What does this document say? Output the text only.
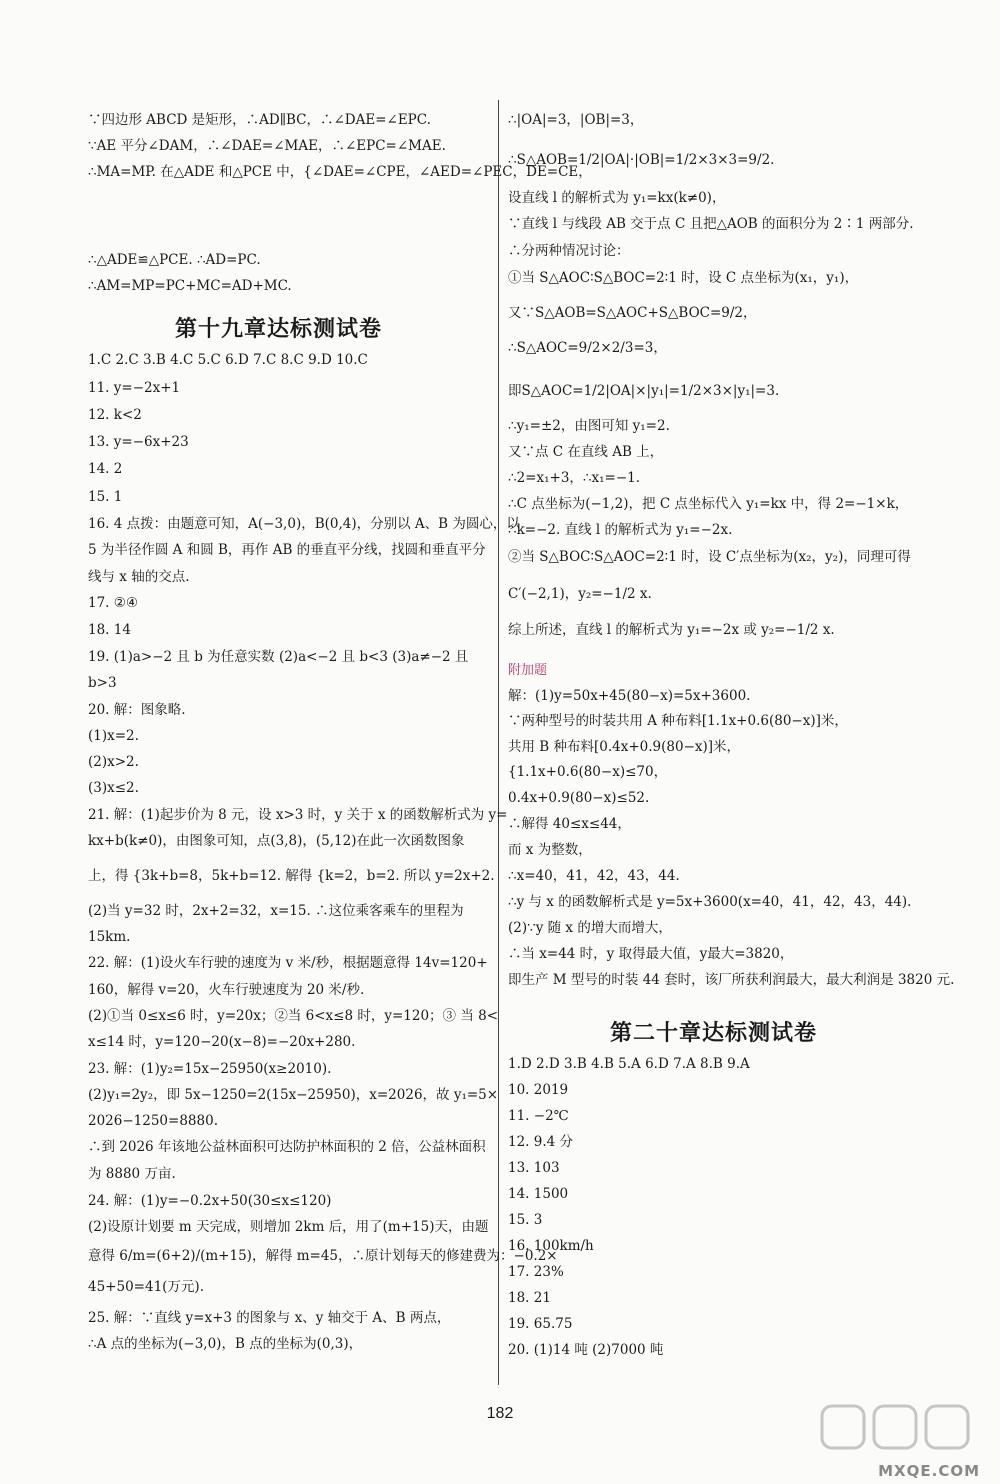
∵四边形 ABCD 是矩形，∴AD∥BC，∴∠DAE=∠EPC.
∵AE 平分∠DAM，∴∠DAE=∠MAE，∴∠EPC=∠MAE.
∴MA=MP. 在△ADE 和△PCE 中，{∠DAE=∠CPE，∠AED=∠PEC，DE=CE，
∴△ADE≌△PCE. ∴AD=PC.
∴AM=MP=PC+MC=AD+MC.
1.C 2.C 3.B 4.C 5.C 6.D 7.C 8.C 9.D 10.C
11. y=−2x+1
12. k<2
13. y=−6x+23
14. 2
15. 1
16. 4 点拨：由题意可知，A(−3,0)，B(0,4)，分别以 A、B 为圆心，以
5 为半径作圆 A 和圆 B，再作 AB 的垂直平分线，找圆和垂直平分
线与 x 轴的交点.
17. ②④
18. 14
19. (1)a>−2 且 b 为任意实数 (2)a<−2 且 b<3 (3)a≠−2 且
b>3
20. 解：图象略.
(1)x=2.
(2)x>2.
(3)x≤2.
21. 解：(1)起步价为 8 元，设 x>3 时，y 关于 x 的函数解析式为 y=
kx+b(k≠0)，由图象可知，点(3,8)，(5,12)在此一次函数图象
上，得 {3k+b=8，5k+b=12. 解得 {k=2，b=2. 所以 y=2x+2.
(2)当 y=32 时，2x+2=32，x=15. ∴这位乘客乘车的里程为
15km.
22. 解：(1)设火车行驶的速度为 v 米/秒，根据题意得 14v=120+
160，解得 v=20，火车行驶速度为 20 米/秒.
(2)①当 0≤x≤6 时，y=20x；②当 6<x≤8 时，y=120；③ 当 8<
x≤14 时，y=120−20(x−8)=−20x+280.
23. 解：(1)y₂=15x−25950(x≥2010).
(2)y₁=2y₂，即 5x−1250=2(15x−25950)，x=2026，故 y₁=5×
2026−1250=8880.
∴到 2026 年该地公益林面积可达防护林面积的 2 倍，公益林面积
为 8880 万亩.
24. 解：(1)y=−0.2x+50(30≤x≤120)
(2)设原计划要 m 天完成，则增加 2km 后，用了(m+15)天，由题
意得 6/m=(6+2)/(m+15)，解得 m=45，∴原计划每天的修建费为：−0.2×
45+50=41(万元).
25. 解：∵直线 y=x+3 的图象与 x、y 轴交于 A、B 两点，
∴A 点的坐标为(−3,0)，B 点的坐标为(0,3)，
第十九章达标测试卷
∴|OA|=3，|OB|=3，
∴S△AOB=1/2|OA|·|OB|=1/2×3×3=9/2.
设直线 l 的解析式为 y₁=kx(k≠0)，
∵直线 l 与线段 AB 交于点 C 且把△AOB 的面积分为 2∶1 两部分.
∴分两种情况讨论：
①当 S△AOC∶S△BOC=2∶1 时，设 C 点坐标为(x₁，y₁)，
又∵S△AOB=S△AOC+S△BOC=9/2，
∴S△AOC=9/2×2/3=3，
即S△AOC=1/2|OA|×|y₁|=1/2×3×|y₁|=3.
∴y₁=±2，由图可知 y₁=2.
又∵点 C 在直线 AB 上，
∴2=x₁+3，∴x₁=−1.
∴C 点坐标为(−1,2)，把 C 点坐标代入 y₁=kx 中，得 2=−1×k，
∴k=−2. 直线 l 的解析式为 y₁=−2x.
②当 S△BOC∶S△AOC=2∶1 时，设 C′点坐标为(x₂，y₂)，同理可得
C′(−2,1)，y₂=−1/2 x.
综上所述，直线 l 的解析式为 y₁=−2x 或 y₂=−1/2 x.
附加题
解：(1)y=50x+45(80−x)=5x+3600.
∵两种型号的时装共用 A 种布料[1.1x+0.6(80−x)]米，
共用 B 种布料[0.4x+0.9(80−x)]米，
{1.1x+0.6(80−x)≤70，
0.4x+0.9(80−x)≤52.
∴解得 40≤x≤44，
而 x 为整数，
∴x=40，41，42，43，44.
∴y 与 x 的函数解析式是 y=5x+3600(x=40，41，42，43，44).
(2)∵y 随 x 的增大而增大，
∴当 x=44 时，y 取得最大值，y最大=3820，
即生产 M 型号的时装 44 套时，该厂所获利润最大，最大利润是 3820 元.
1.D 2.D 3.B 4.B 5.A 6.D 7.A 8.B 9.A
10. 2019
11. −2℃
12. 9.4 分
13. 103
14. 1500
15. 3
16. 100km/h
17. 23%
18. 21
19. 65.75
20. (1)14 吨 (2)7000 吨
第二十章达标测试卷
182
MXQE.COM
